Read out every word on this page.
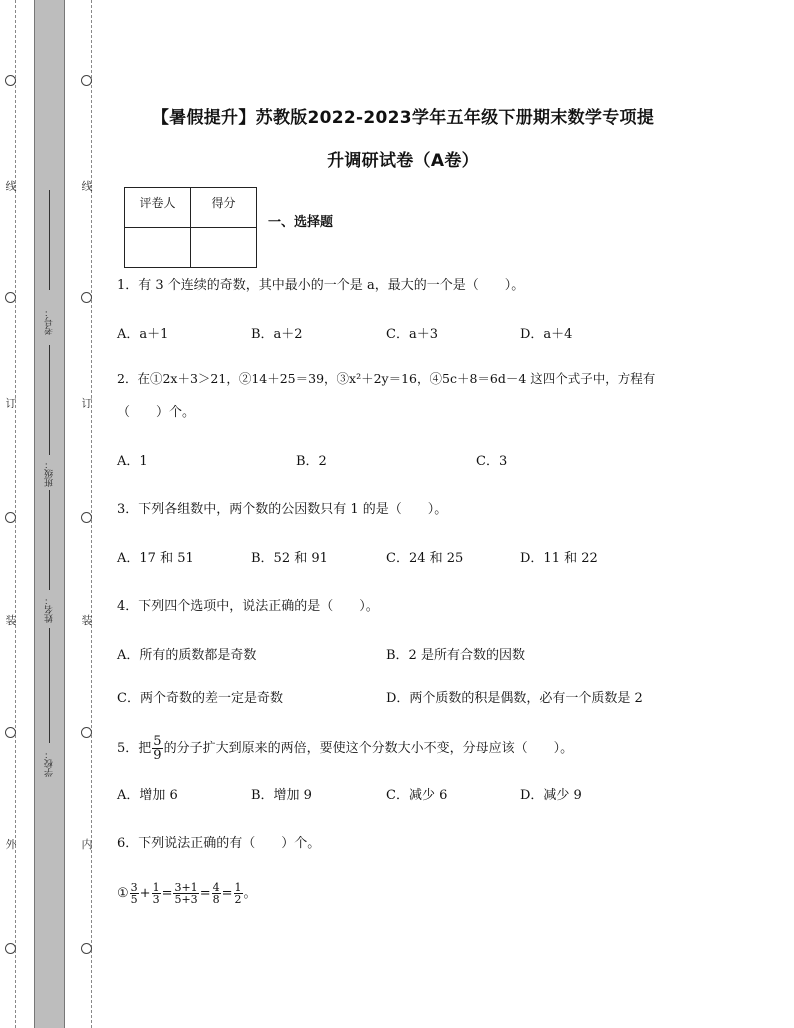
线
订
装
外
线
订
装
内
考号：
班级：
姓名：
学校：
【暑假提升】苏教版2022-2023学年五年级下册期末数学专项提
升调研试卷（A卷）
评卷人	得分

一、选择题
1．有 3 个连续的奇数，其中最小的一个是 a，最大的一个是（　　）。
A．a＋1	B．a＋2	C．a＋3	D．a＋4
2．在①2x＋3＞21，②14＋25＝39，③x²＋2y＝16，④5c＋8＝6d－4 这四个式子中，方程有
（　　）个。
A．1	B．2	C．3
3．下列各组数中，两个数的公因数只有 1 的是（　　）。
A．17 和 51	B．52 和 91	C．24 和 25	D．11 和 22
4．下列四个选项中，说法正确的是（　　）。
A．所有的质数都是奇数	B．2 是所有合数的因数
C．两个奇数的差一定是奇数	D．两个质数的积是偶数，必有一个质数是 2
5．把 $\frac{5}{9}$ 的分子扩大到原来的两倍，要使这个分数大小不变，分母应该（　　）。
A．增加 6	B．增加 9	C．减少 6	D．减少 9
6．下列说法正确的有（　　）个。
① $\frac{3}{5} + \frac{1}{3} = \frac{3+1}{5+3} = \frac{4}{8} = \frac{1}{2}$ 。
